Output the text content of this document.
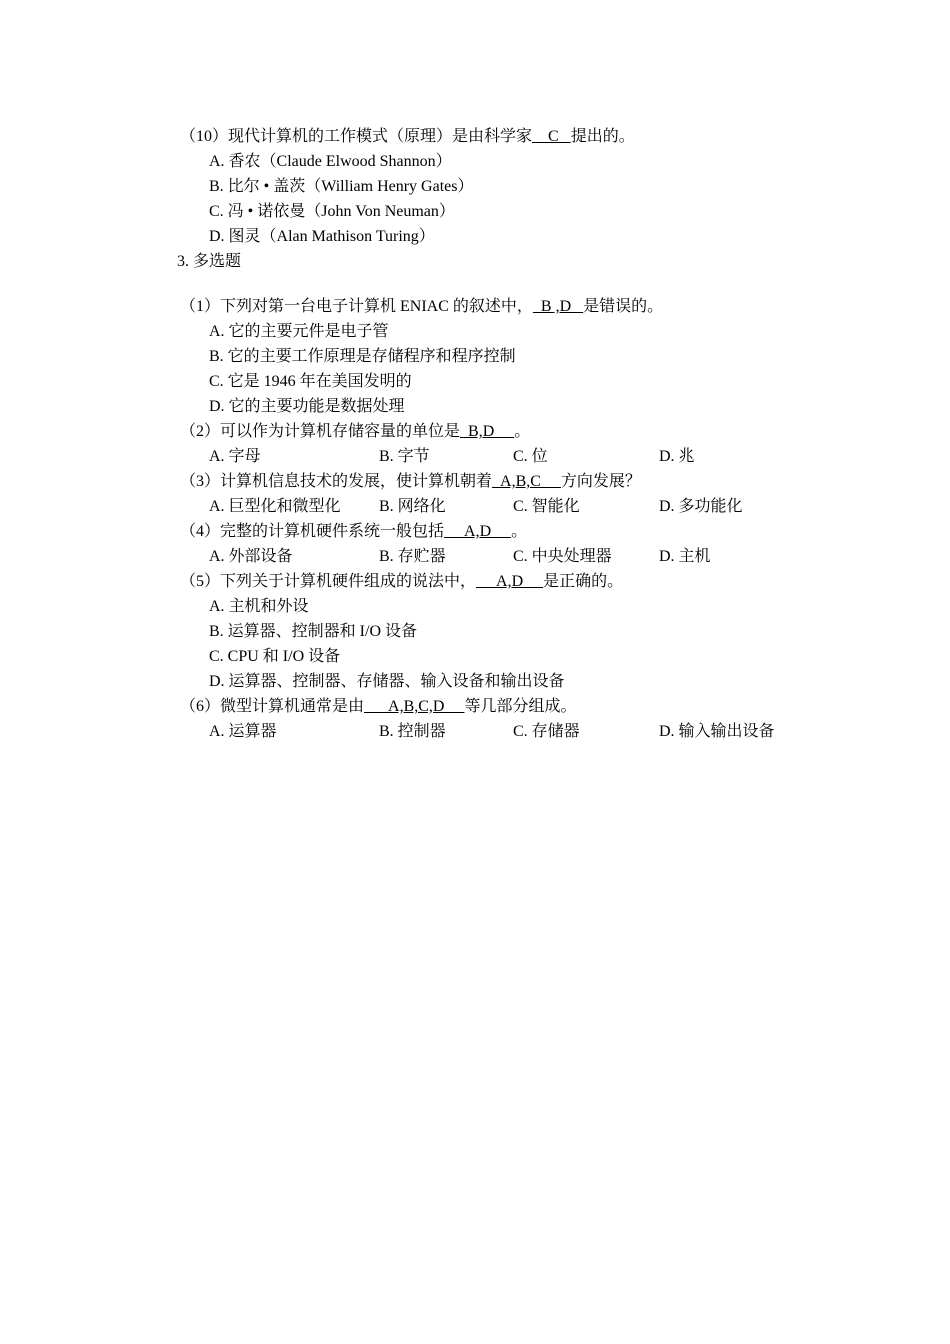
（10）现代计算机的工作模式（原理）是由科学家    C   提出的。
A. 香农（Claude Elwood Shannon）
B. 比尔 • 盖茨（William Henry Gates）
C. 冯 • 诺依曼（John Von Neuman）
D. 图灵（Alan Mathison Turing）
3. 多选题
（1）下列对第一台电子计算机 ENIAC 的叙述中，  B ,D   是错误的。
A. 它的主要元件是电子管
B. 它的主要工作原理是存储程序和程序控制
C. 它是 1946 年在美国发明的
D. 它的主要功能是数据处理
（2）可以作为计算机存储容量的单位是  B,D     。
A. 字母	B. 字节	C. 位	D. 兆
（3）计算机信息技术的发展，使计算机朝着  A,B,C     方向发展？
A. 巨型化和微型化 B. 网络化	C. 智能化	D. 多功能化
（4）完整的计算机硬件系统一般包括     A,D     。
A. 外部设备	B. 存贮器	C. 中央处理器	D. 主机
（5）下列关于计算机硬件组成的说法中，     A,D     是正确的。
A. 主机和外设
B. 运算器、控制器和 I/O 设备
C. CPU 和 I/O 设备
D. 运算器、控制器、存储器、输入设备和输出设备
（6）微型计算机通常是由      A,B,C,D     等几部分组成。
A. 运算器	B. 控制器	C. 存储器	D. 输入输出设备
